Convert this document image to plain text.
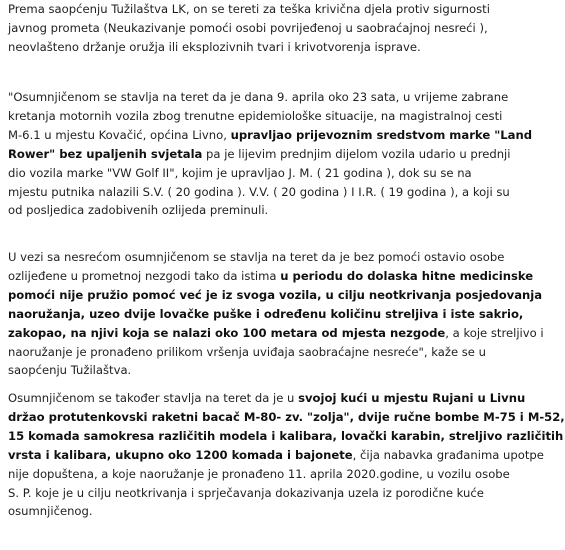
Prema saopćenju Tužilaštva LK, on se tereti za teška krivična djela protiv sigurnosti
javnog prometa (Neukazivanje pomoći osobi povrijeđenoj u saobraćajnoj nesreći ),
neovlašteno držanje oružja ili eksplozivnih tvari i krivotvorenja isprave.

"Osumnjičenom se stavlja na teret da je dana 9. aprila oko 23 sata, u vrijeme zabrane
kretanja motornih vozila zbog trenutne epidemiološke situacije, na magistralnoj cesti
M-6.1 u mjestu Kovačić, općina Livno, upravljao prijevoznim sredstvom marke "Land
Rower" bez upaljenih svjetala pa je lijevim prednjim dijelom vozila udario u prednji
dio vozila marke "VW Golf II", kojim je upravljao J. M. ( 21 godina ), dok su se na
mjestu putnika nalazili S.V. ( 20 godina ). V.V. ( 20 godina ) I I.R. ( 19 godina ), a koji su
od posljedica zadobivenih ozlijeda preminuli.

U vezi sa nesrećom osumnjičenom se stavlja na teret da je bez pomoći ostavio osobe
ozlijeđene u prometnoj nezgodi tako da istima u periodu do dolaska hitne medicinske
pomoći nije pružio pomoć već je iz svoga vozila, u cilju neotkrivanja posjedovanja
naoružanja, uzeo dvije lovačke puške i određenu količinu streljiva i iste sakrio,
zakopao, na njivi koja se nalazi oko 100 metara od mjesta nezgode, a koje streljivo i
naoružanje je pronađeno prilikom vršenja uviđaja saobraćajne nesreće", kaže se u
saopćenju Tužilaštva.

Osumnjičenom se također stavlja na teret da je u svojoj kući u mjestu Rujani u Livnu
držao protutenkovski raketni bacač M-80- zv. "zolja", dvije ručne bombe M-75 i M-52,
15 komada samokresa različitih modela i kalibara, lovački karabin, streljivo različitih
vrsta i kalibara, ukupno oko 1200 komada i bajonete, čija nabavka građanima upotpe
nije dopuštena, a koje naoružanje je pronađeno 11. aprila 2020.godine, u vozilu osobe
S. P. koje je u cilju neotkrivanja i sprječavanja dokazivanja uzela iz porodične kuće
osumnjičenog.
